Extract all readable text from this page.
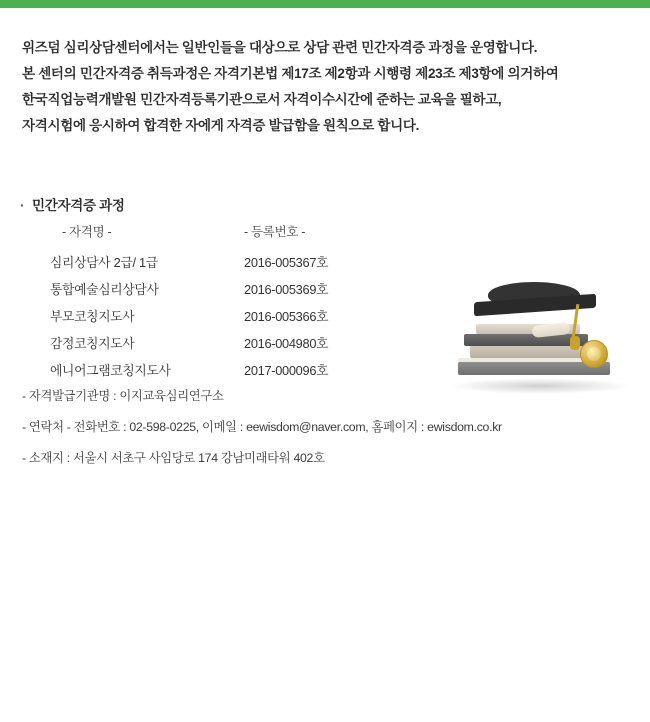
위즈덤 심리상담센터에서는 일반인들을 대상으로 상담 관련 민간자격증 과정을 운영합니다.

본 센터의 민간자격증 취득과정은 자격기본법 제17조 제2항과 시행령 제23조 제3항에 의거하여

한국직업능력개발원 민간자격등록기관으로서 자격이수시간에 준하는 교육을 필하고,

자격시험에 응시하여 합격한 자에게 자격증 발급함을 원칙으로 합니다.

· 민간자격증 과정
- 자격명 -	- 등록번호 -
심리상담사 2급/ 1급	2016-005367호
통합예술심리상담사	2016-005369호
부모코칭지도사	2016-005366호
감정코칭지도사	2016-004980호
에니어그램코칭지도사	2017-000096호

- 자격발급기관명 : 이지교육심리연구소

- 연락처 - 전화번호 : 02-598-0225, 이메일 : eewisdom@naver.com, 홈페이지 : ewisdom.co.kr

- 소재지 : 서울시 서초구 사임당로 174 강남미래타워 402호
